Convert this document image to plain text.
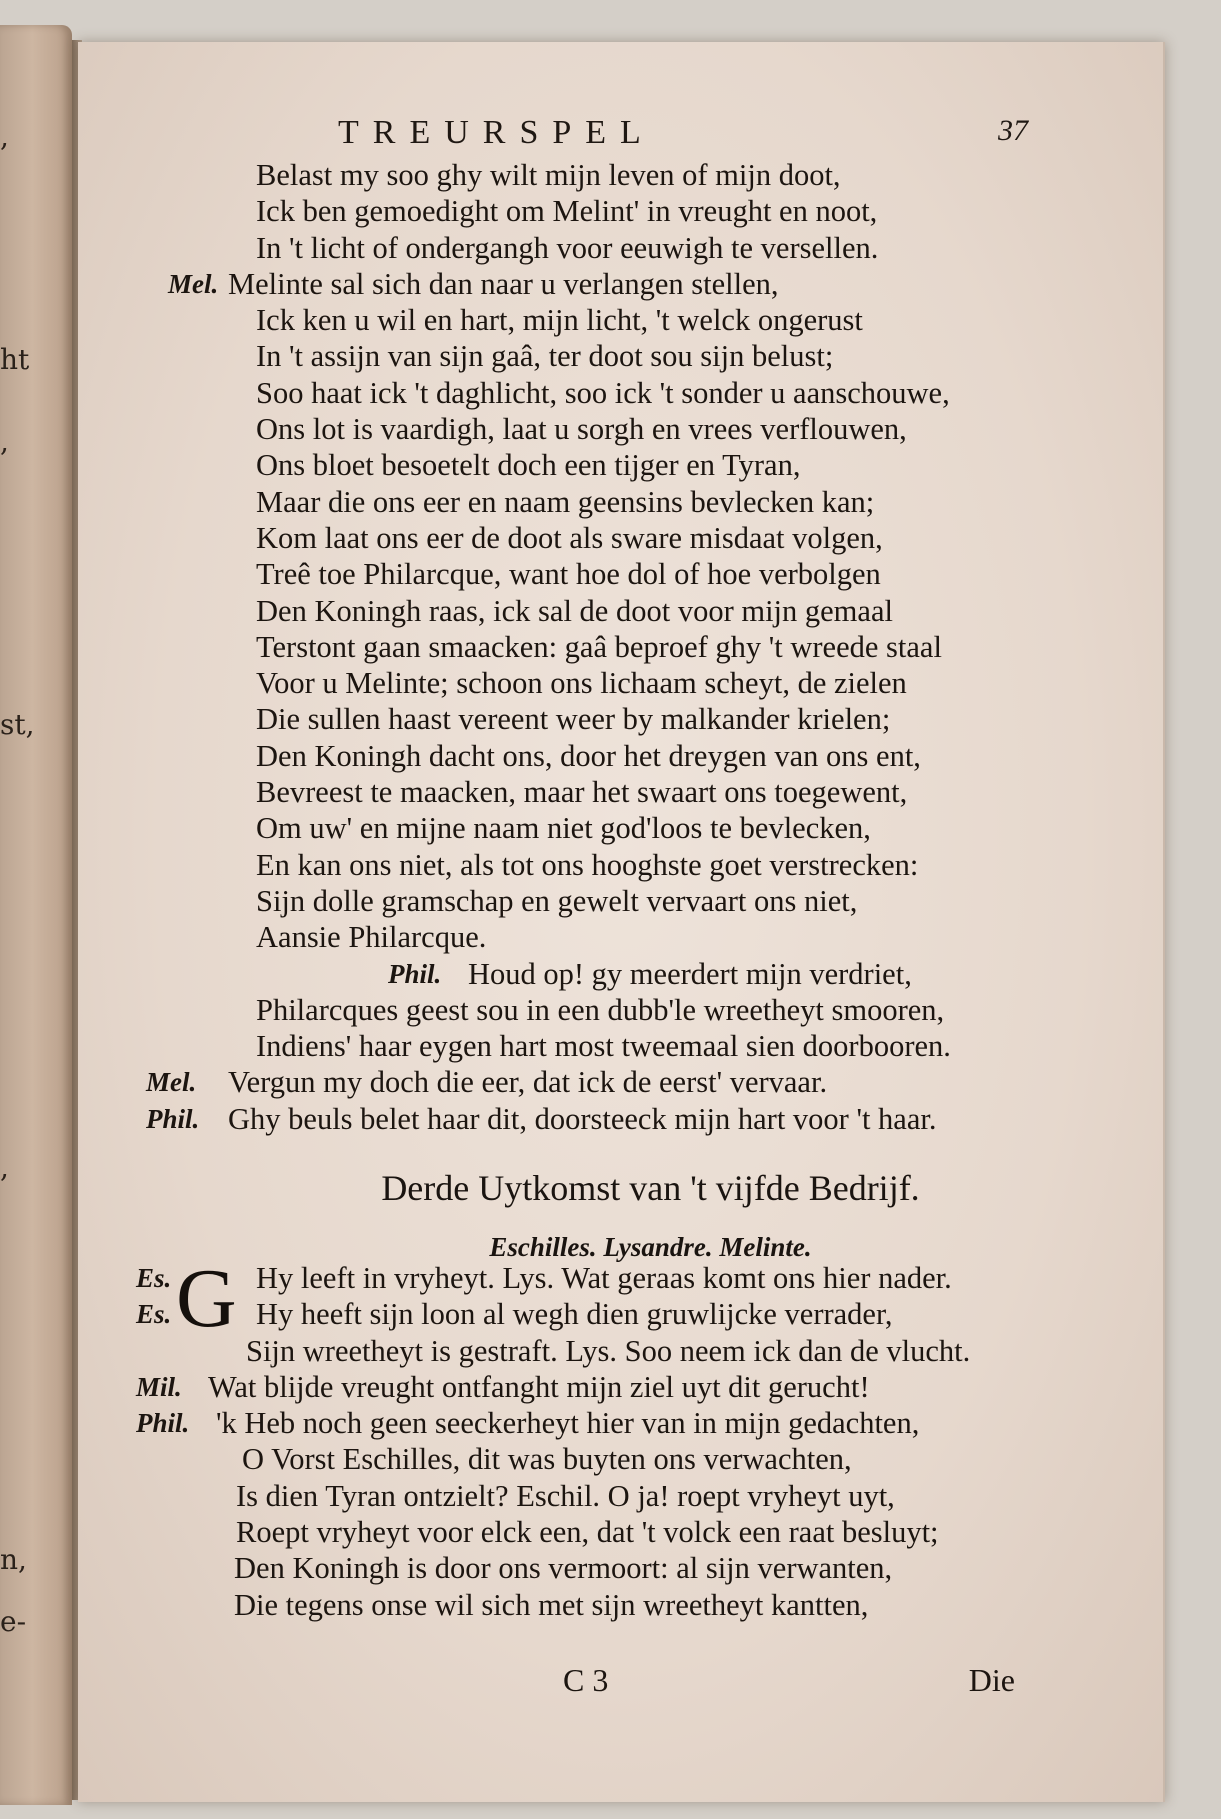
,
ht
,
st,
,
n,
e-
TREURSPEL	37
Belast my soo ghy wilt mijn leven of mijn doot,
Ick ben gemoedight om Melint' in vreught en noot,
In 't licht of ondergangh voor eeuwigh te versellen.
Mel. Melinte sal sich dan naar u verlangen stellen,
Ick ken u wil en hart, mijn licht, 't welck ongerust
In 't assijn van sijn gaâ, ter doot sou sijn belust;
Soo haat ick 't daghlicht, soo ick 't sonder u aanschouwe,
Ons lot is vaardigh, laat u sorgh en vrees verflouwen,
Ons bloet besoetelt doch een tijger en Tyran,
Maar die ons eer en naam geensins bevlecken kan;
Kom laat ons eer de doot als sware misdaat volgen,
Treê toe Philarcque, want hoe dol of hoe verbolgen
Den Koningh raas, ick sal de doot voor mijn gemaal
Terstont gaan smaacken: gaâ beproef ghy 't wreede staal
Voor u Melinte; schoon ons lichaam scheyt, de zielen
Die sullen haast vereent weer by malkander krielen;
Den Koningh dacht ons, door het dreygen van ons ent,
Bevreest te maacken, maar het swaart ons toegewent,
Om uw' en mijne naam niet god'loos te bevlecken,
En kan ons niet, als tot ons hooghste goet verstrecken:
Sijn dolle gramschap en gewelt vervaart ons niet,
Aansie Philarcque.
Phil. Houd op! gy meerdert mijn verdriet,
Philarcques geest sou in een dubb'le wreetheyt smooren,
Indiens' haar eygen hart most tweemaal sien doorbooren.
Mel. Vergun my doch die eer, dat ick de eerst' vervaar.
Phil. Ghy beuls belet haar dit, doorsteeck mijn hart voor 't haar.
Derde Uytkomst van 't vijfde Bedrijf.
Eschilles. Lysandre. Melinte.
G
Es.	Hy leeft in vryheyt. Lys. Wat geraas komt ons hier nader.
Es.	Hy heeft sijn loon al wegh dien gruwlijcke verrader,
Sijn wreetheyt is gestraft. Lys. Soo neem ick dan de vlucht.
Mil. Wat blijde vreught ontfanght mijn ziel uyt dit gerucht!
Phil. 'k Heb noch geen seeckerheyt hier van in mijn gedachten,
O Vorst Eschilles, dit was buyten ons verwachten,
Is dien Tyran ontzielt? Eschil. O ja! roept vryheyt uyt,
Roept vryheyt voor elck een, dat 't volck een raat besluyt;
Den Koningh is door ons vermoort: al sijn verwanten,
Die tegens onse wil sich met sijn wreetheyt kantten,
C 3	Die
